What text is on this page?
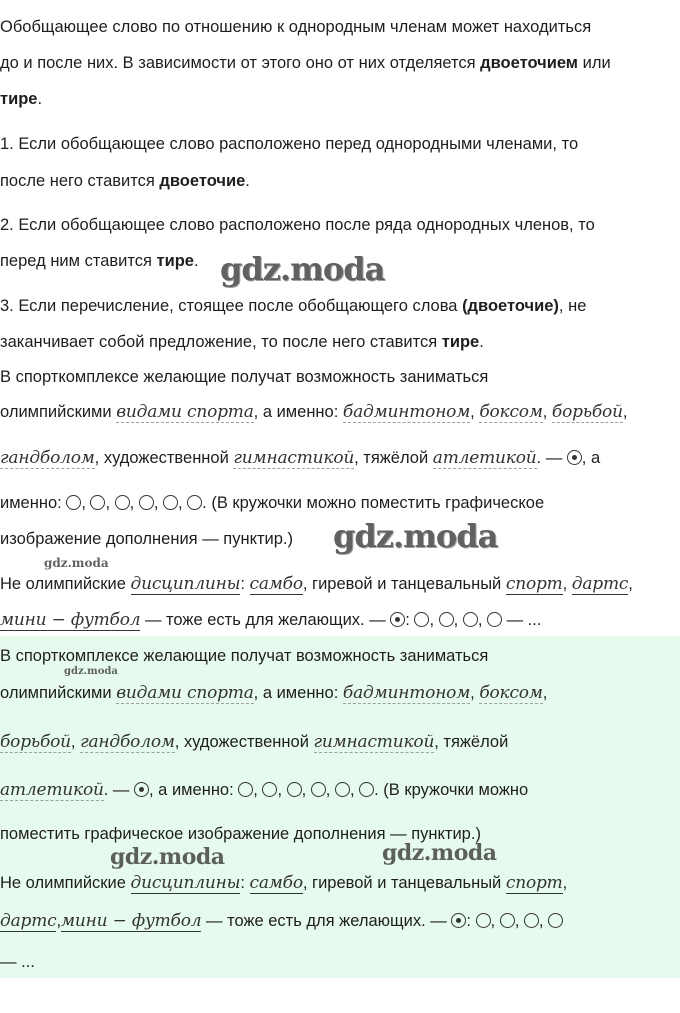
Обобщающее слово по отношению к однородным членам может находиться

до и после них. В зависимости от этого оно от них отделяется двоеточием или

тире.

1. Если обобщающее слово расположено перед однородными членами, то

после него ставится двоеточие.

2. Если обобщающее слово расположено после ряда однородных членов, то

перед ним ставится тире.

3. Если перечисление, стоящее после обобщающего слова (двоеточие), не

заканчивает собой предложение, то после него ставится тире.

В спорткомплексе желающие получат возможность заниматься

олимпийскими видами спорта, а именно: бадминтоном, боксом, борьбой,

гандболом, художественной гимнастикой, тяжёлой атлетикой. — , а

именно: , , , , , . (В кружочки можно поместить графическое

изображение дополнения — пунктир.)

Не олимпийские дисциплины: самбо, гиревой и танцевальный спорт, дартс,

мини − футбол — тоже есть для желающих. — : , , ,  — ...

В спорткомплексе желающие получат возможность заниматься

олимпийскими видами спорта, а именно: бадминтоном, боксом,

борьбой, гандболом, художественной гимнастикой, тяжёлой

атлетикой. — , а именно: , , , , , . (В кружочки можно

поместить графическое изображение дополнения — пунктир.)

Не олимпийские дисциплины: самбо, гиревой и танцевальный спорт,

дартс,мини − футбол — тоже есть для желающих. — : , , ,

— ...

gdz.moda
gdz.moda
gdz.moda
gdz.moda
gdz.moda	gdz.moda
